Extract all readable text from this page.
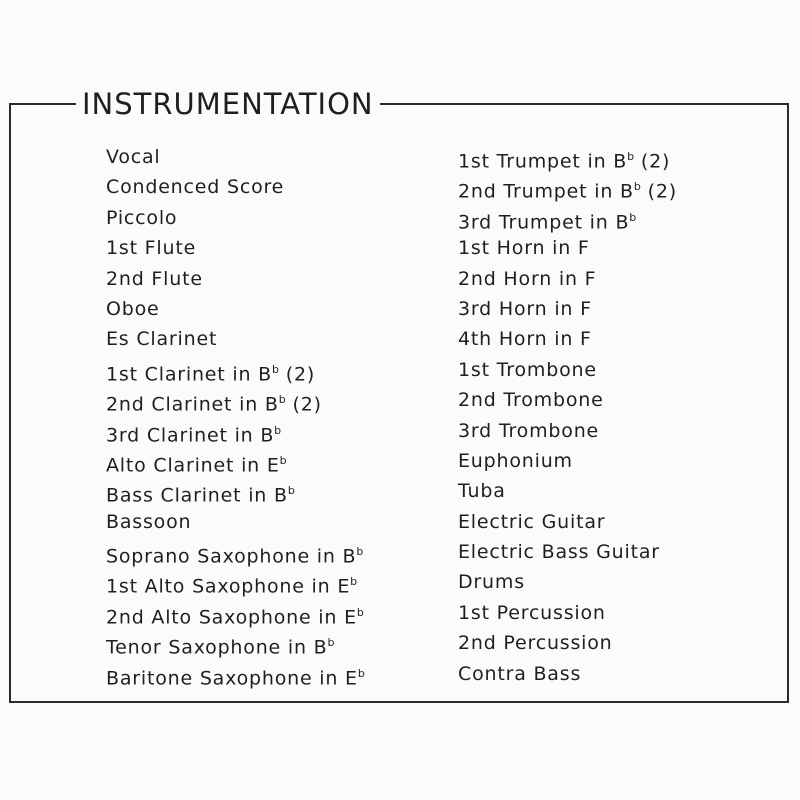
INSTRUMENTATION
Vocal
Condenced Score
Piccolo
1st Flute
2nd Flute
Oboe
Es Clarinet
1st Clarinet in $B^b$ (2)
2nd Clarinet in $B^b$ (2)
3rd Clarinet in $B^b$
Alto Clarinet in $E^b$
Bass Clarinet in $B^b$
Bassoon
Soprano Saxophone in $B^b$
1st Alto Saxophone in $E^b$
2nd Alto Saxophone in $E^b$
Tenor Saxophone in $B^b$
Baritone Saxophone in $E^b$
1st Trumpet in $B^b$ (2)
2nd Trumpet in $B^b$ (2)
3rd Trumpet in $B^b$
1st Horn in F
2nd Horn in F
3rd Horn in F
4th Horn in F
1st Trombone
2nd Trombone
3rd Trombone
Euphonium
Tuba
Electric Guitar
Electric Bass Guitar
Drums
1st Percussion
2nd Percussion
Contra Bass
